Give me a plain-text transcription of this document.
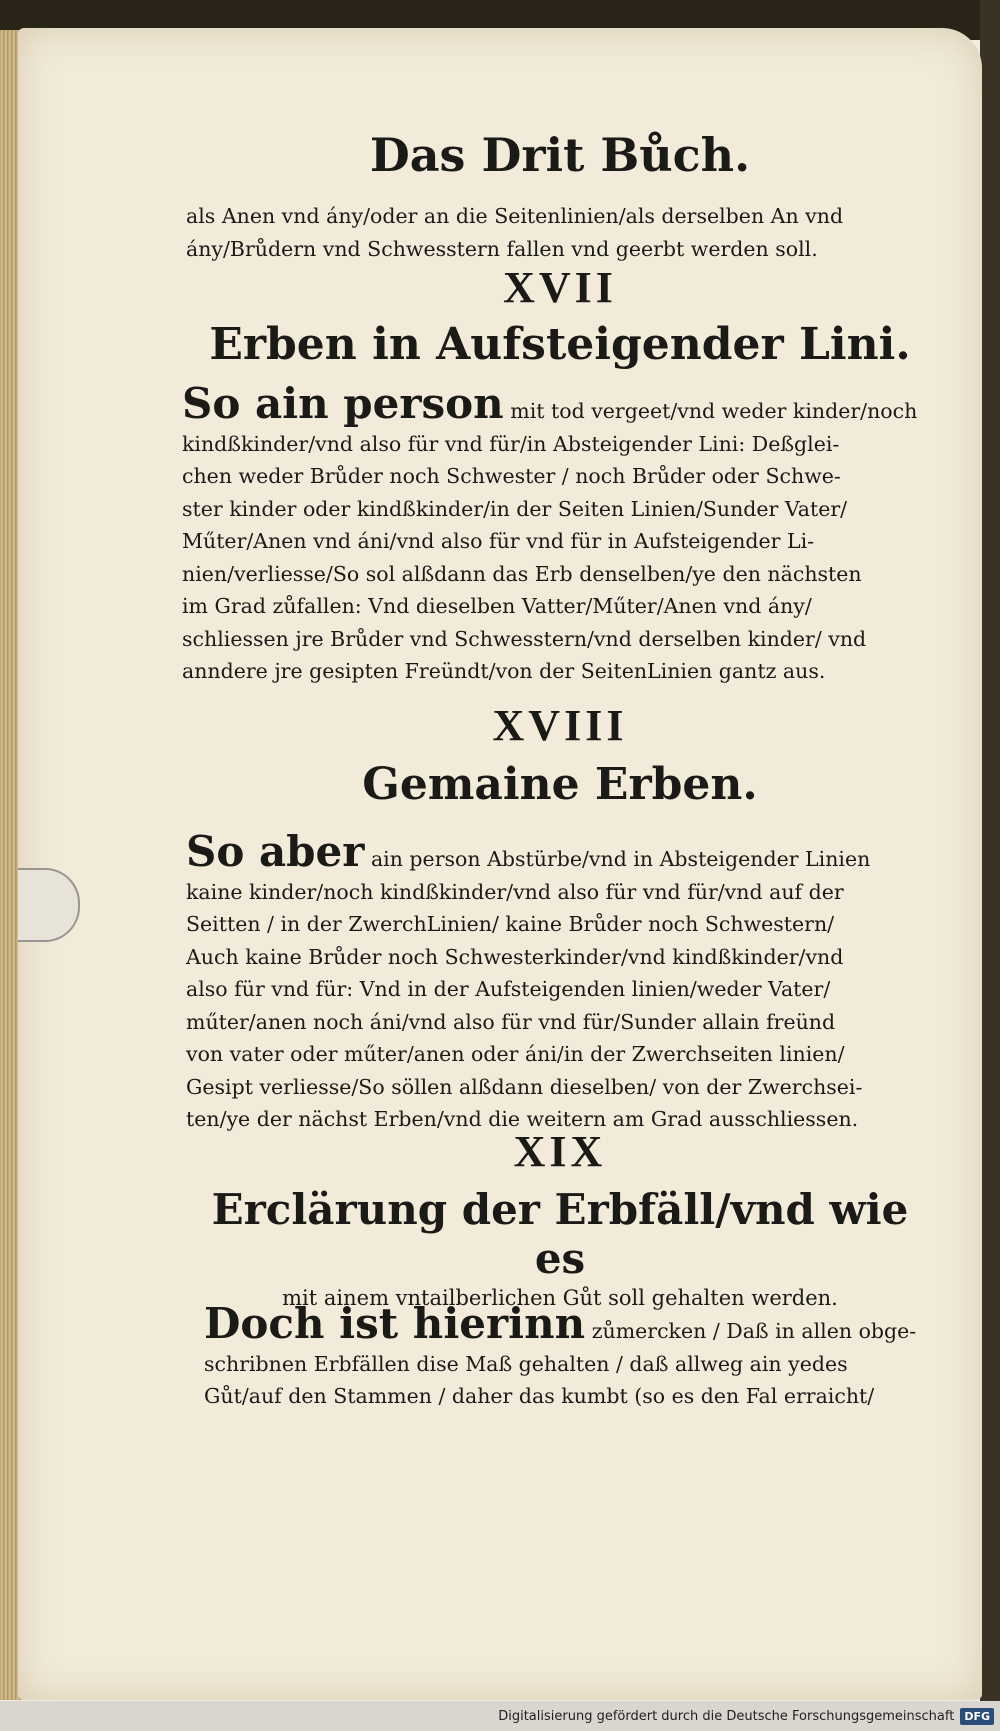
Das Drit Bůch.
als Anen vnd ány/oder an die Seitenlinien/als derselben An vnd
ány/Brůdern vnd Schwesstern fallen vnd geerbt werden soll.
XVII
Erben in Aufsteigender Lini.
So ain person mit tod vergeet/vnd weder kinder/noch
kindßkinder/vnd also für vnd für/in Absteigender Lini: Deßglei-
chen weder Brůder noch Schwester / noch Brůder oder Schwe-
ster kinder oder kindßkinder/in der Seiten Linien/Sunder Vater/
Műter/Anen vnd áni/vnd also für vnd für in Aufsteigender Li-
nien/verliesse/So sol alßdann das Erb denselben/ye den nächsten
im Grad zůfallen: Vnd dieselben Vatter/Műter/Anen vnd ány/
schliessen jre Brůder vnd Schwesstern/vnd derselben kinder/ vnd
anndere jre gesipten Freündt/von der SeitenLinien gantz aus.
XVIII
Gemaine Erben.
So aber ain person Abstürbe/vnd in Absteigender Linien
kaine kinder/noch kindßkinder/vnd also für vnd für/vnd auf der
Seitten / in der ZwerchLinien/ kaine Brůder noch Schwestern/
Auch kaine Brůder noch Schwesterkinder/vnd kindßkinder/vnd
also für vnd für: Vnd in der Aufsteigenden linien/weder Vater/
műter/anen noch áni/vnd also für vnd für/Sunder allain freünd
von vater oder műter/anen oder áni/in der Zwerchseiten linien/
Gesipt verliesse/So söllen alßdann dieselben/ von der Zwerchsei-
ten/ye der nächst Erben/vnd die weitern am Grad ausschliessen.
XIX
Erclärung der Erbfäll/vnd wie es
mit ainem vntailberlichen Gůt soll gehalten werden.
Doch ist hierinn zůmercken / Daß in allen obge-
schribnen Erbfällen dise Maß gehalten / daß allweg ain yedes
Gůt/auf den Stammen / daher das kumbt (so es den Fal erraicht/
Digitalisierung gefördert durch die Deutsche Forschungsgemeinschaft DFG
